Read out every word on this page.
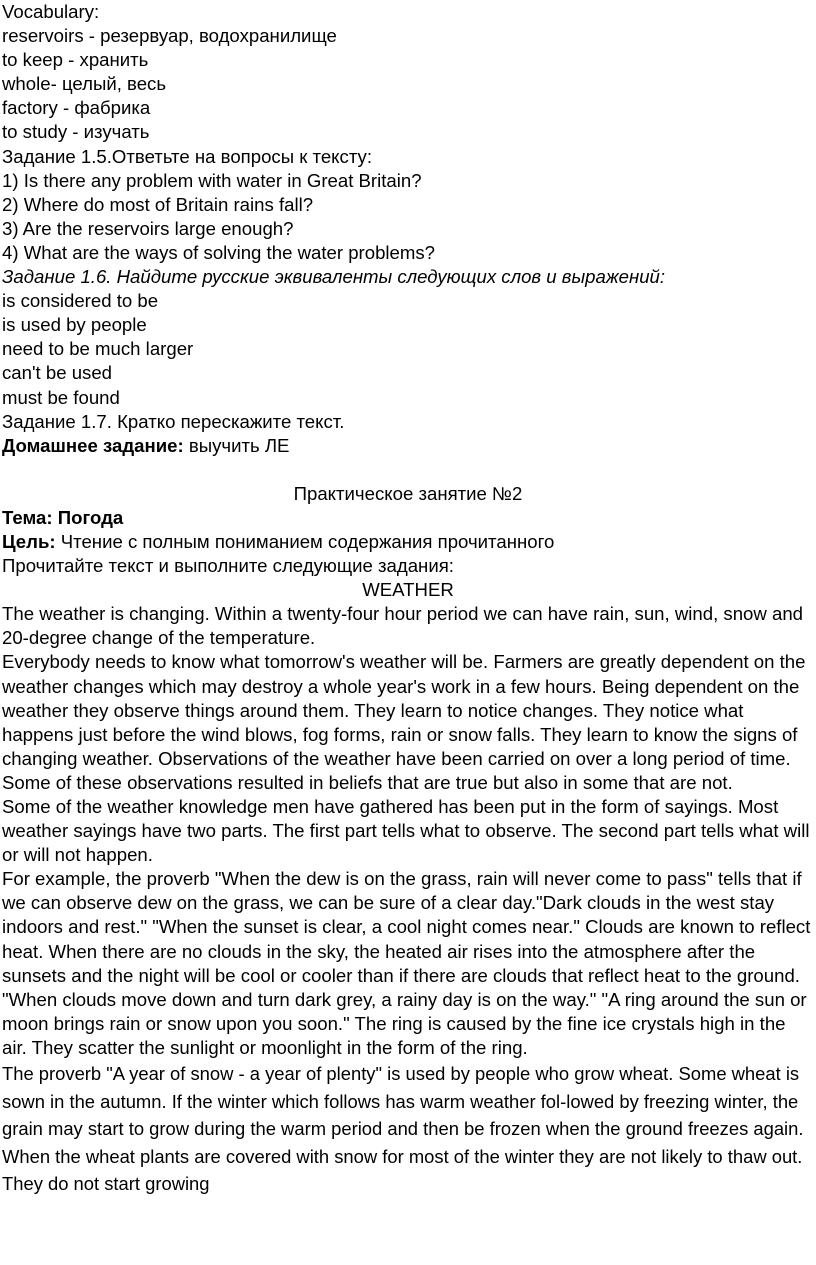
Vocabulary:

reservoirs - резервуар, водохранилище

to keep - хранить

whole- целый, весь

factory - фабрика

to study - изучать

Задание 1.5.Ответьте на вопросы к тексту:

1) Is there any problem with water in Great Britain?

2) Where do most of Britain rains fall?

3) Are the reservoirs large enough?

4) What are the ways of solving the water problems?

Задание 1.6. Найдите русские эквиваленты следующих слов и выражений:

is considered to be

is used by people

need to be much larger

can't be used

must be found

Задание 1.7. Кратко перескажите текст.

Домашнее задание: выучить ЛЕ

Практическое занятие №2

Тема: Погода

Цель: Чтение с полным пониманием содержания прочитанного

Прочитайте текст и выполните следующие задания:

WEATHER

The weather is changing. Within a twenty-four hour period we can have rain, sun, wind, snow and 20-degree change of the temperature.

Everybody needs to know what tomorrow's weather will be. Farmers are greatly dependent on the weather changes which may destroy a whole year's work in a few hours. Being dependent on the weather they observe things around them. They learn to notice changes. They notice what happens just before the wind blows, fog forms, rain or snow falls. They learn to know the signs of changing weather. Observations of the weather have been carried on over a long period of time. Some of these observations resulted in beliefs that are true but also in some that are not.

Some of the weather knowledge men have gathered has been put in the form of sayings. Most weather sayings have two parts. The first part tells what to observe. The second part tells what will or will not happen.

For example, the proverb "When the dew is on the grass, rain will never come to pass" tells that if we can observe dew on the grass, we can be sure of a clear day."Dark clouds in the west stay indoors and rest." "When the sunset is clear, a cool night comes near." Clouds are known to reflect heat. When there are no clouds in the sky, the heated air rises into the atmosphere after the sunsets and the night will be cool or cooler than if there are clouds that reflect heat to the ground.

"When clouds move down and turn dark grey, a rainy day is on the way." "A ring around the sun or moon brings rain or snow upon you soon." The ring is caused by the fine ice crystals high in the air. They scatter the sunlight or moonlight in the form of the ring.

The proverb "A year of snow - a year of plenty" is used by people who grow wheat. Some wheat is sown in the autumn. If the winter which follows has warm weather fol-lowed by freezing winter, the grain may start to grow during the warm period and then be frozen when the ground freezes again. When the wheat plants are covered with snow for most of the winter they are not likely to thaw out. They do not start growing
